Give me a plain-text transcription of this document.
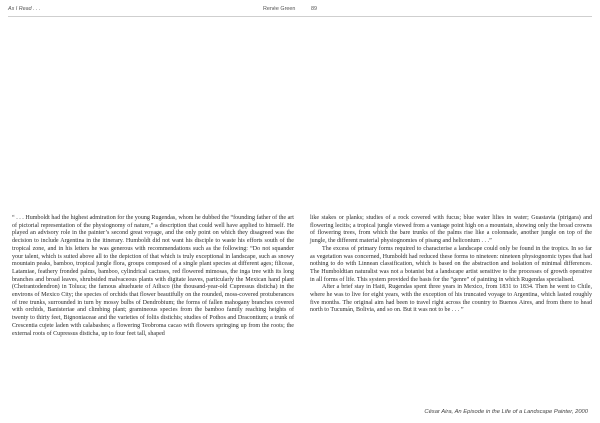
As I Read . . .	Renée Green	89

“ . . . Humboldt had the highest admiration for the young Rugendas, whom he dubbed the “founding father of the art of pictorial representation of the physiognomy of nature,” a description that could well have applied to himself. He played an advisory role in the painter’s second great voyage, and the only point on which they disagreed was the decision to include Argentina in the itinerary. Humboldt did not want his disciple to waste his efforts south of the tropical zone, and in his letters he was generous with recommendations such as the following: “Do not squander your talent, which is suited above all to the depiction of that which is truly exceptional in landscape, such as snowy mountain peaks, bamboo, tropical jungle flora, groups composed of a single plant species at different ages; filiceae, Latamiae, feathery fronded palms, bamboo, cylindrical cactuses, red flowered mimosas, the inga tree with its long branches and broad leaves, shrubsided malvaceous plants with digitate leaves, particularly the Mexican hand plant (Cheirantodendron) in Toluca; the famous ahuehuete of Atlisco (the thousand-year-old Cupressus disticha) in the environs of Mexico City; the species of orchids that flower beautifully on the rounded, moss-covered protuberances of tree trunks, surrounded in turn by mossy bulbs of Dendrobium; the forms of fallen mahogany branches covered with orchids, Banisteriae and climbing plant; gramineous species from the bamboo family reaching heights of twenty to thirty feet, Bignoniaceae and the varieties of foliis distichis; studies of Pothos and Dracontium; a trunk of Crescentia cujete laden with calabashes; a flowering Teobroma cacao with flowers springing up from the roots; the external roots of Cupressus disticha, up to four feet tall, shaped

like stakes or planks; studies of a rock covered with fucus; blue water lilies in water; Guastavia (pirigara) and flowering lecitis; a tropical jungle viewed from a vantage point high on a mountain, showing only the broad crowns of flowering trees, from which the bare trunks of the palms rise like a colonnade, another jungle on top of the jungle, the different material physiognomies of pisang and heliconium . . .”

The excess of primary forms required to characterise a landscape could only be found in the tropics. In so far as vegetation was concerned, Humboldt had reduced these forms to nineteen: nineteen physiognomic types that had nothing to do with Linnean classification, which is based on the abstraction and isolation of minimal differences. The Humboldtian naturalist was not a botanist but a landscape artist sensitive to the processes of growth operative in all forms of life. This system provided the basis for the “genre” of painting in which Rugendas specialised.

After a brief stay in Haiti, Rugendas spent three years in Mexico, from 1831 to 1834. Then he went to Chile, where he was to live for eight years, with the exception of his truncated voyage to Argentina, which lasted roughly five months. The original aim had been to travel right across the country to Buenos Aires, and from there to head north to Tucumán, Bolivia, and so on. But it was not to be . . . ”

César Aira, An Episode in the Life of a Landscape Painter, 2000
